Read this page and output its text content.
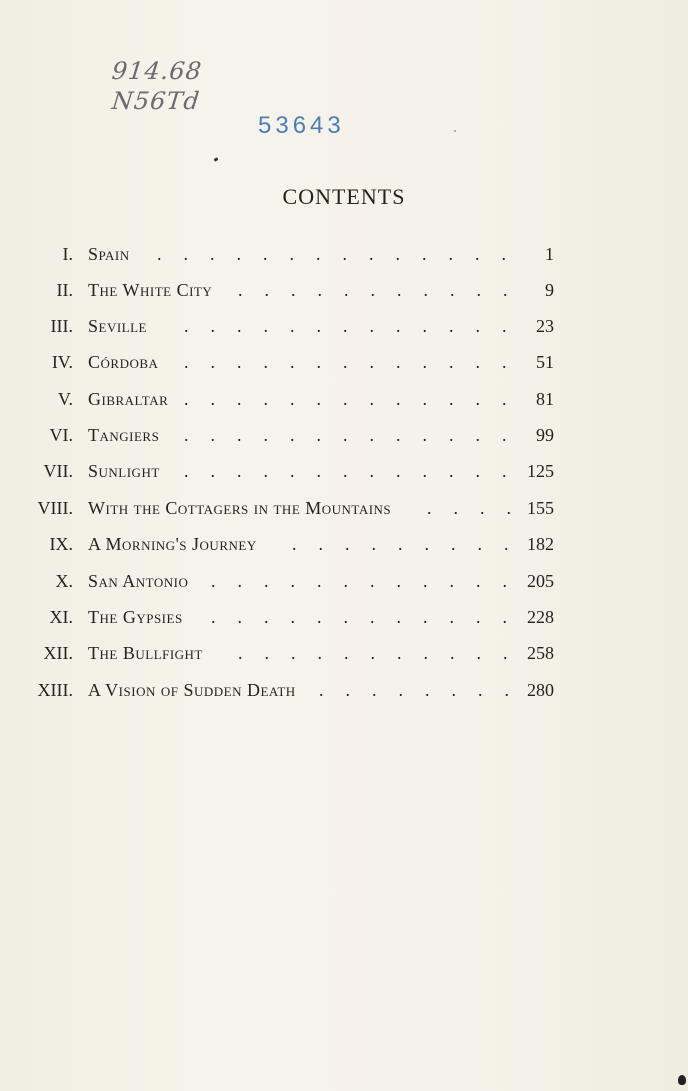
914.68
N56Td
53643
CONTENTS
I. Spain	1
..............
II. The White City	9
...........
III. Seville	23
.............
IV. Córdoba	51
.............
V. Gibraltar	81
.............
VI. Tangiers	99
.............
VII. Sunlight	125
.............
VIII. With the Cottagers in the Mountains	155
....
IX. A Morning's Journey	182
.........
X. San Antonio	205
............
XI. The Gypsies	228
............
XII. The Bullfight	258
...........
XIII. A Vision of Sudden Death	280
........
